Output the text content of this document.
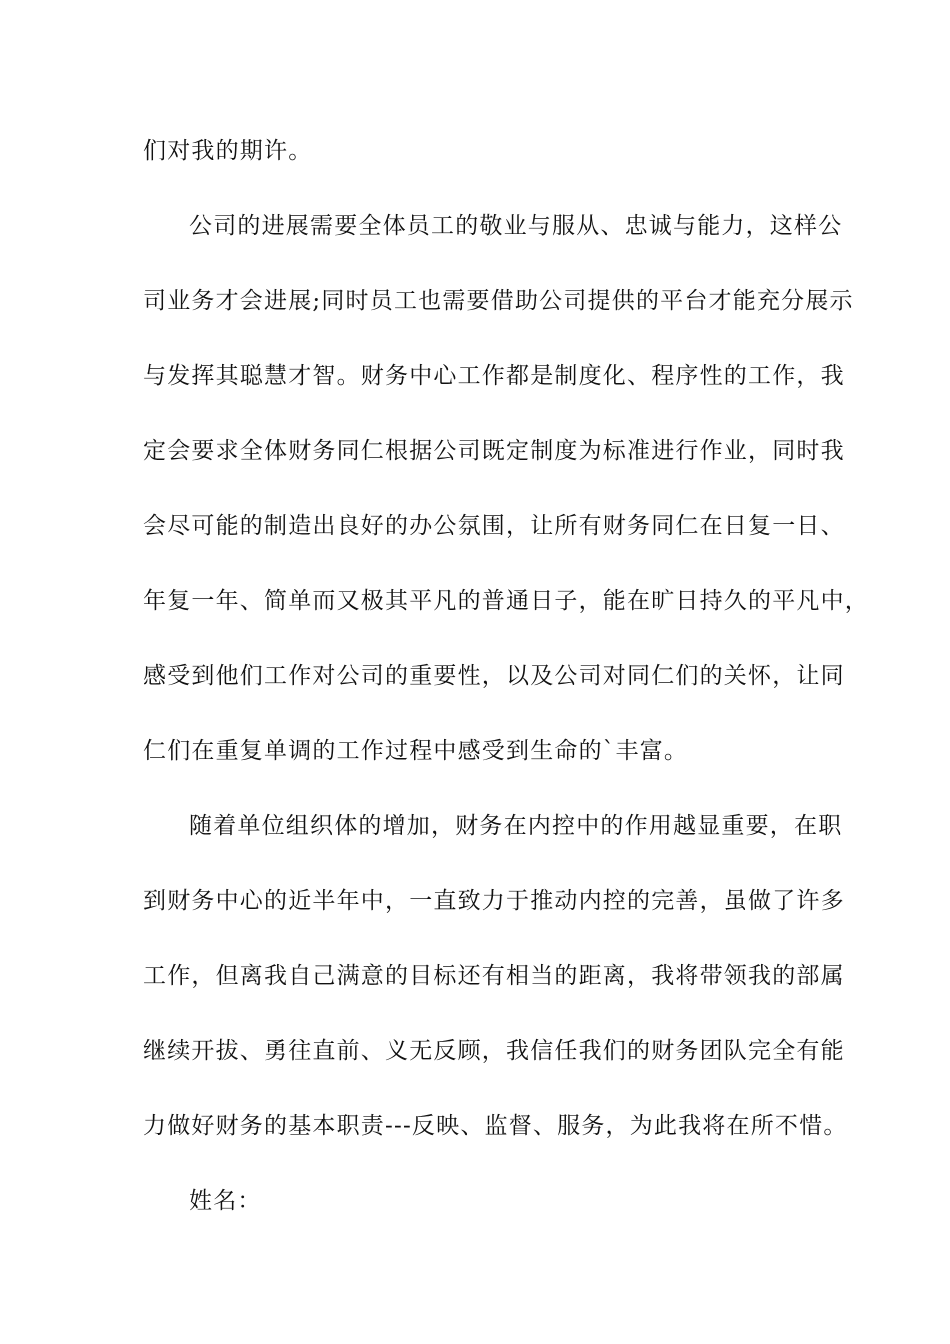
们对我的期许。
公司的进展需要全体员工的敬业与服从、忠诚与能力，这样公
司业务才会进展;同时员工也需要借助公司提供的平台才能充分展示
与发挥其聪慧才智。财务中心工作都是制度化、程序性的工作，我
定会要求全体财务同仁根据公司既定制度为标准进行作业，同时我
会尽可能的制造出良好的办公氛围，让所有财务同仁在日复一日、
年复一年、简单而又极其平凡的普通日子，能在旷日持久的平凡中，
感受到他们工作对公司的重要性，以及公司对同仁们的关怀，让同
仁们在重复单调的工作过程中感受到生命的`丰富。
随着单位组织体的增加，财务在内控中的作用越显重要，在职
到财务中心的近半年中，一直致力于推动内控的完善，虽做了许多
工作，但离我自己满意的目标还有相当的距离，我将带领我的部属
继续开拔、勇往直前、义无反顾，我信任我们的财务团队完全有能
力做好财务的基本职责---反映、监督、服务，为此我将在所不惜。
姓名：
